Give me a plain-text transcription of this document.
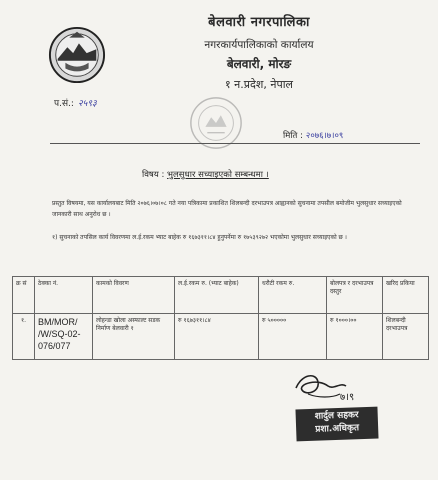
बेलवारी नगरपालिका
नगरकार्यपालिकाको कार्यालय
बेलवारी, मोरङ
१ न.प्रदेश, नेपाल
प.सं.: २५९३
मिति : २०७६।७।०९
विषय : भुलसुधार सच्याइएको सम्बन्धमा ।
प्रस्तुत विषयमा, यस कार्यालयबाट मिति २०७६।०७।०८ गते नया पत्रिकामा प्रकाशित शिलबन्दी दरभाउपत्र आह्वानको सुचनामा तपसील बमोजीम भुलसुधार सच्याइएको जानकारी साथ अनुरोध छ ।
१) सुचनाको तपसिल कार्य विवरणमा ल.ई.रकम भ्याट बाहेक रु १६७३११।८४ हुनुपर्नेमा रु १७५३९२७२ भएकोमा भुलसुधार सच्याइएको छ ।
क्र सं	ठेक्का नं.	कामको विवरण	ल.ई.रकम रु. (भ्याट बाहेक)	धरौटी रकम रु.	बोलपत्र र दरभाउपत्र दस्तुर	खरिद प्रकिया
१.	BM/MOR/ /W/SQ-02-076/077	लोहन्डा खोला अस्फाल्ट सडक निर्माण बेलवारी १	रु १६७३११।८४	रु ५०००००	रु १०००।००	शिलबन्दी दरभाउपत्र
७।९
शार्दुल सहकर
प्रशा.अधिकृत
